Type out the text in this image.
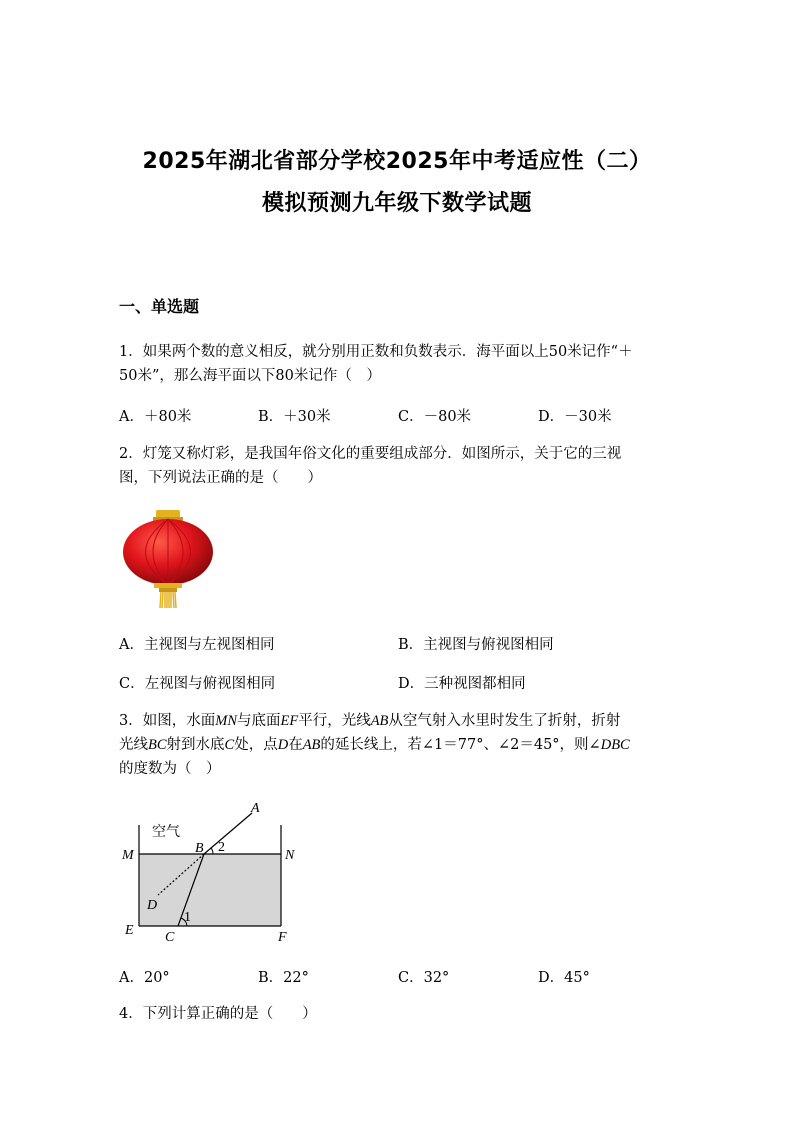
2025年湖北省部分学校2025年中考适应性（二）
模拟预测九年级下数学试题
一、单选题
1．如果两个数的意义相反，就分别用正数和负数表示．海平面以上50米记作“＋
50米”，那么海平面以下80米记作（　）
A．＋80米	B．＋30米	C．－80米	D．－30米
2．灯笼又称灯彩，是我国年俗文化的重要组成部分．如图所示，关于它的三视
图，下列说法正确的是（　　）
A．主视图与左视图相同	B．主视图与俯视图相同
C．左视图与俯视图相同	D．三种视图都相同
3．如图，水面MN与底面EF平行，光线AB从空气射入水里时发生了折射，折射
光线BC射到水底C处，点D在AB的延长线上，若∠1＝77°、∠2＝45°，则∠DBC
的度数为（　）
空气
A
B 2
M	N
D
1
E C	F
A．20°	B．22°	C．32°	D．45°
4．下列计算正确的是（　　）
